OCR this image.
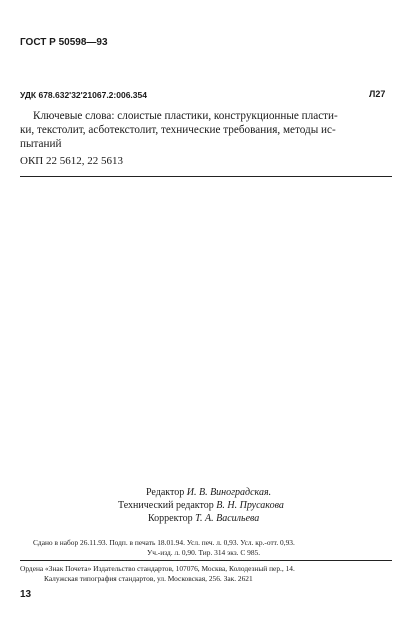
ГОСТ Р 50598—93
УДК 678.632'32'21067.2:006.354	Л27
Ключевые слова: слоистые пластики, конструкционные пласти-
ки, текстолит, асботекстолит, технические требования, методы ис-
пытаний
ОКП 22 5612, 22 5613
Редактор И. В. Виноградская.
Технический редактор В. Н. Прусакова
Корректор Т. А. Васильева
Сдано в набор 26.11.93. Подп. в печать 18.01.94. Усл. печ. л. 0,93. Усл. кр.-отт. 0,93.
Уч.-изд. л. 0,90. Тир. 314 экз. С 985.
Ордена «Знак Почета» Издательство стандартов, 107076, Москва, Колодезный пер., 14.
Калужская типография стандартов, ул. Московская, 256. Зак. 2621
13
